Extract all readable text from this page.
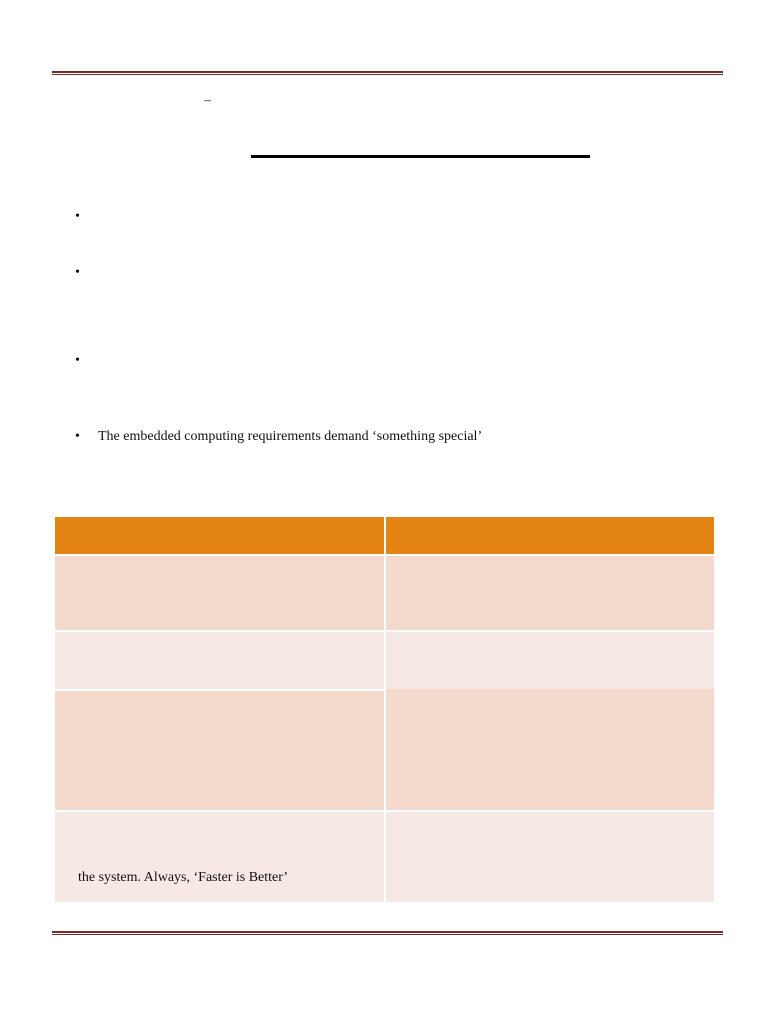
–
•
•
•
•	The embedded computing requirements demand ‘something special’
the system. Always, ‘Faster is Better’
